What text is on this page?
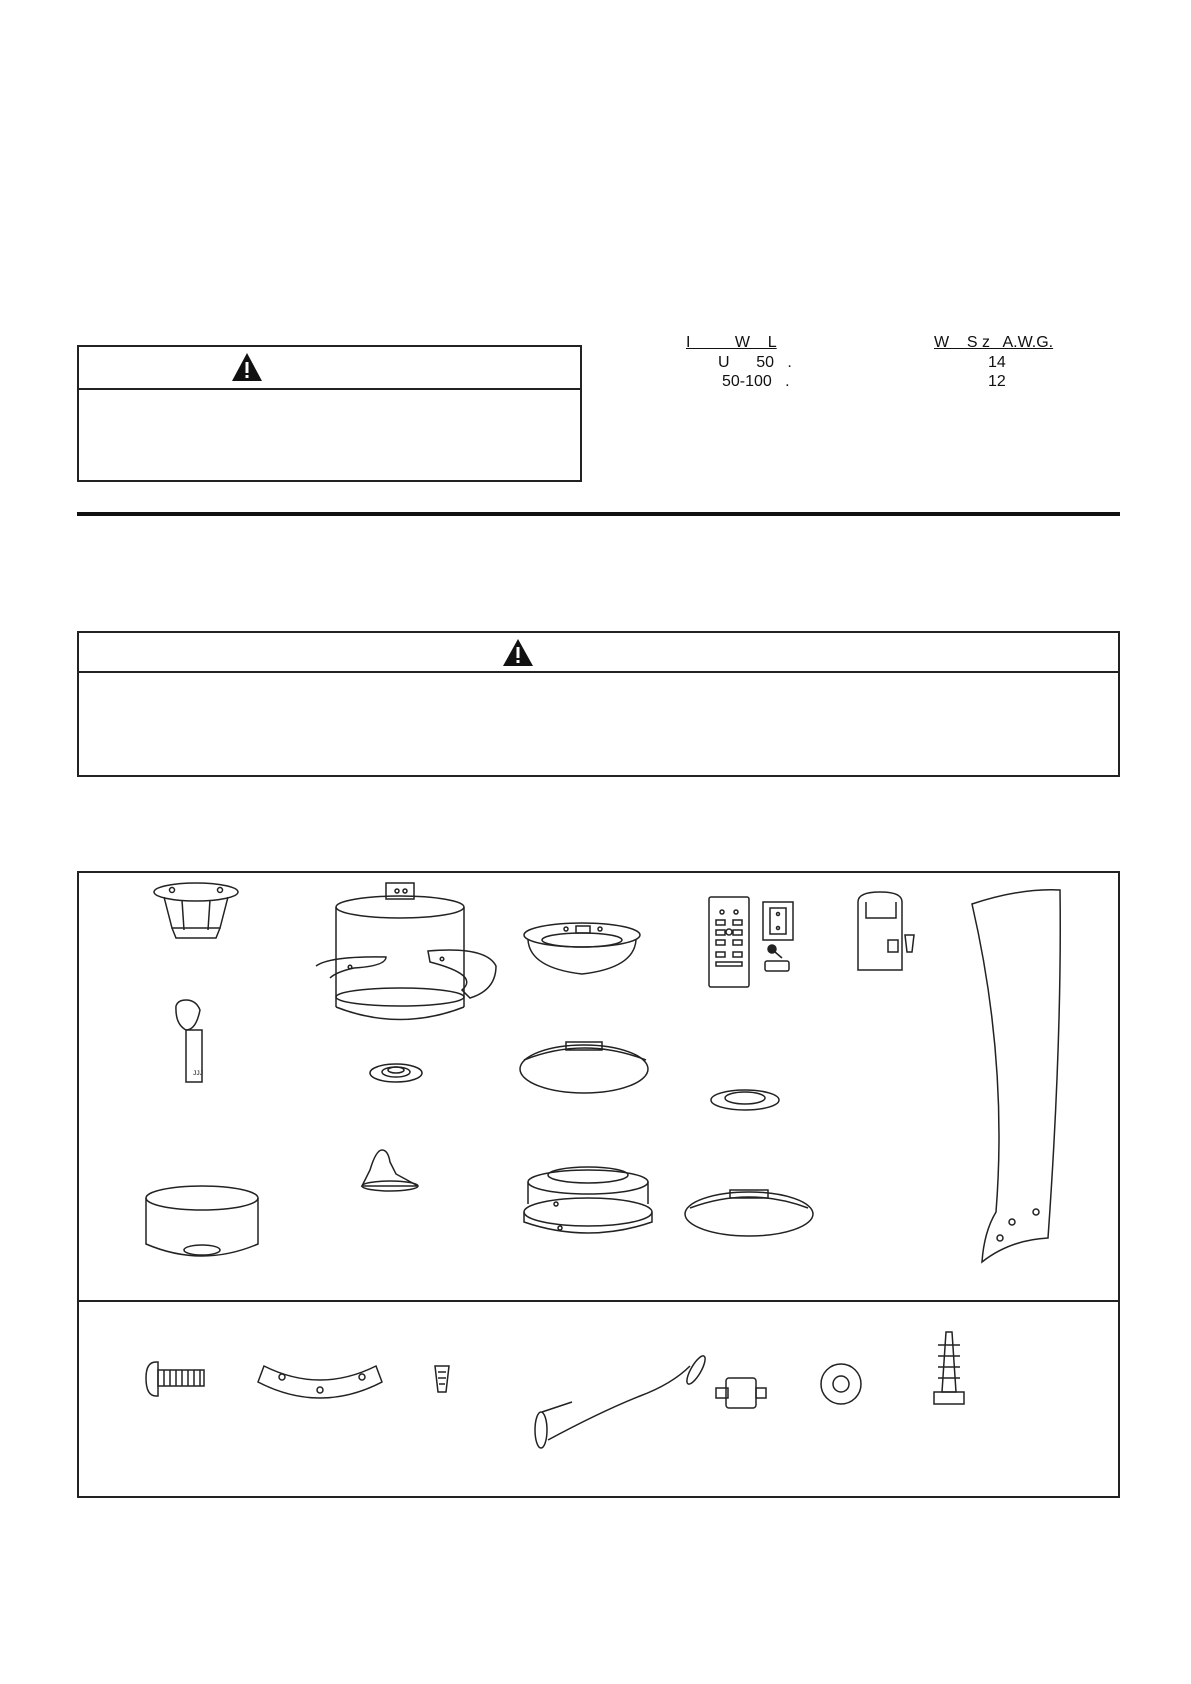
I          W    L	W    S z   A.W.G.
U      50   .	14
50-100   .	12
ᴊᴊᴊ
